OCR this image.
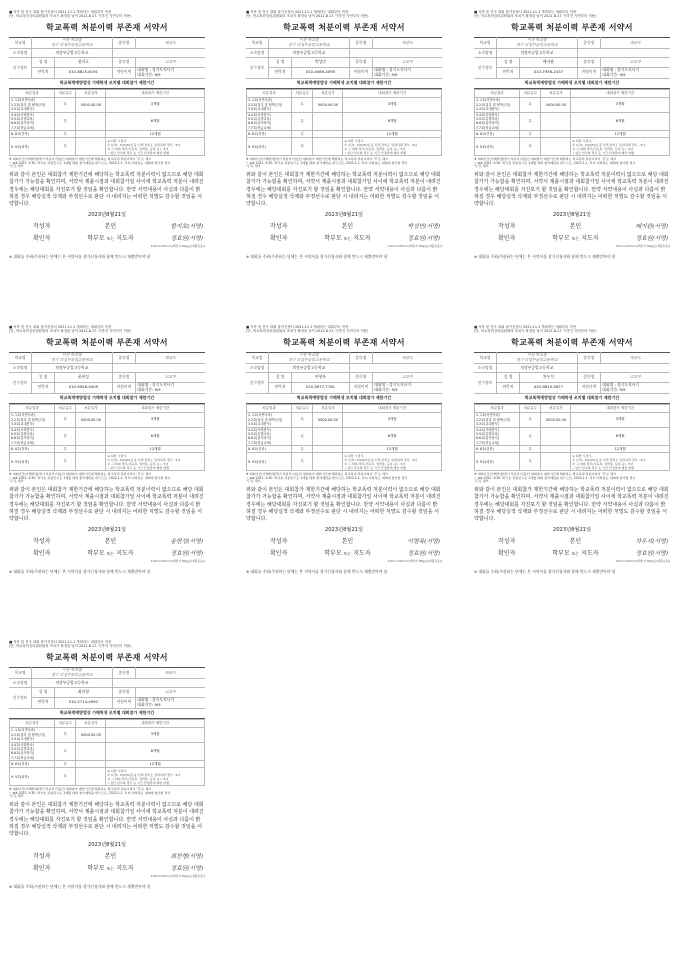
■ 저작 및 전국 대회 참가신청서 2021.11.1 개최하는 대회부터 적용
(단, 학교폭력심의위원회의 조치가 확정된 날이 2021.8.17. 이후인 사안부터 적용)
학교폭력 처분이력 부존재 서약서
학교명	이천 학교를
경기 의정부공업고등학교		종목명	태권도
소속팀명	의정부공업고등학교			
선수정보	성 명	함지호	종목명	고교부
	연락처	010-8815-6191	직원이력	대회명 : 경기도지사기
대회기간: 9/9
학교폭력예방법상 가해학생 조치별 대회참가 제한기간
처분결과	처분유무	처분일자	대회참가 제한기간
1. 1호(서면사과)
2.2호(접촉 및 협박금지)
3.3호(교내봉사)	무	0000.00.00	3개월
4.4호(사회봉사)
5.5호(특별교육)
6.6호(출석정지)
7.7호(학급교체)	무		6개월
8. 8호(전학)	무		12개월
9. 9호(퇴학)	무		※ 퇴학 시점기,
① 1단1, 3(4)(5)입 중 선택 본학도 입력하면 경우 : 5년
② 그 외의 경우(주등록, 입학통, 등록 등) : 5년
• 입단 선수의 경우 등 기간 산정장에 제한 명행
※ 대회기간(가해학생/경기 부분부기)동안 대회참가 제한기간에 해당하는 학교폭력 처분이력이 '무'로 체크
~ out 2021. 9.30. 학기초 처분만으로 1개월 대회 참가제한을 받으므로, 2022.1.1. 부터 지학하는 대회에 참가할 경우
'무'로 체크
위와 같이 본인은 대회참가 제한기간에 해당하는 학교폭력 처분이력이 없으므로 해당 대회 참가가 가능함을 확인하며, 서약서 제출시점과 대회참가일 사이에 학교폭력 처분이 내려진 경우에는 해당대회를 자진포기 할 것임을 확인합니다. 만약 서약내용이 사실과 다름이 밝혀질 경우 해당실적 삭제와 부정선수로 판단 시 내려지는 어떠한 처벌도 감수할 것임을 서약합니다.
2023년8월21일
작성자	본인	함지호(서명)
확인자	학부모 또는 지도자	정효원(서명)
210m×297mm[백상지 80g/㎡(재활용품)]
※ 대회를 주최/주관하는 단체는 본 서약서를 참가신청서와 함께 반드시 제출받아야 함
■ 저작 및 전국 대회 참가신청서 2021.11.1 개최하는 대회부터 적용
(단, 학교폭력심의위원회의 조치가 확정된 날이 2021.8.17. 이후인 사안부터 적용)
학교폭력 처분이력 부존재 서약서
학교명	이천 학교를
경기 의정부공업고등학교		종목명	태권도
소속팀명	의정부공업고등학교			
선수정보	성 명	박성민	종목명	고교부
	연락처	010-4066-4095	직원이력	대회명 : 경기도지사기
대회기간: 9/9
학교폭력예방법상 가해학생 조치별 대회참가 제한기간
처분결과	처분유무	처분일자	대회참가 제한기간
1. 1호(서면사과)
2.2호(접촉 및 협박금지)
3.3호(교내봉사)	무	0000.00.00	3개월
4.4호(사회봉사)
5.5호(특별교육)
6.6호(출석정지)
7.7호(학급교체)	무		6개월
8. 8호(전학)	무		12개월
9. 9호(퇴학)	무		※ 퇴학 시점기,
① 1단1, 3(4)(5)입 중 선택 본학도 입력하면 경우 : 5년
② 그 외의 경우(주등록, 입학통, 등록 등) : 5년
• 입단 선수의 경우 등 기간 산정장에 제한 명행
※ 대회기간(가해학생/경기 부분부기)동안 대회참가 제한기간에 해당하는 학교폭력 처분이력이 '무'로 체크
~ out 2021. 9.30. 학기초 처분만으로 1개월 대회 참가제한을 받으므로, 2022.1.1. 부터 지학하는 대회에 참가할 경우
'무'로 체크
위와 같이 본인은 대회참가 제한기간에 해당하는 학교폭력 처분이력이 없으므로 해당 대회 참가가 가능함을 확인하며, 서약서 제출시점과 대회참가일 사이에 학교폭력 처분이 내려진 경우에는 해당대회를 자진포기 할 것임을 확인합니다. 만약 서약내용이 사실과 다름이 밝혀질 경우 해당실적 삭제와 부정선수로 판단 시 내려지는 어떠한 처벌도 감수할 것임을 서약합니다.
2023년8월21일
작성자	본인	박성민(서명)
확인자	학부모 또는 지도자	정효원(서명)
210m×297mm[백상지 80g/㎡(재활용품)]
※ 대회를 주최/주관하는 단체는 본 서약서를 참가신청서와 함께 반드시 제출받아야 함
■ 저작 및 전국 대회 참가신청서 2021.11.1 개최하는 대회부터 적용
(단, 학교폭력심의위원회의 조치가 확정된 날이 2021.8.17. 이후인 사안부터 적용)
학교폭력 처분이력 부존재 서약서
학교명	이천 학교를
경기 의정부공업고등학교		종목명	태권도
소속팀명	의정부공업고등학교			
선수정보	성 명	배지완	종목명	고교부
	연락처	010-7936-2437	직원이력	대회명 : 경기도지사기
대회기간: 9/9
학교폭력예방법상 가해학생 조치별 대회참가 제한기간
처분결과	처분유무	처분일자	대회참가 제한기간
1. 1호(서면사과)
2.2호(접촉 및 협박금지)
3.3호(교내봉사)	무	0000.00.00	3개월
4.4호(사회봉사)
5.5호(특별교육)
6.6호(출석정지)
7.7호(학급교체)	무		6개월
8. 8호(전학)	무		12개월
9. 9호(퇴학)	무		※ 퇴학 시점기,
① 1단1, 3(4)(5)입 중 선택 본학도 입력하면 경우 : 5년
② 그 외의 경우(주등록, 입학통, 등록 등) : 5년
• 입단 선수의 경우 등 기간 산정장에 제한 명행
※ 대회기간(가해학생/경기 부분부기)동안 대회참가 제한기간에 해당하는 학교폭력 처분이력이 '무'로 체크
~ out 2021. 9.30. 학기초 처분만으로 1개월 대회 참가제한을 받으므로, 2022.1.1. 부터 지학하는 대회에 참가할 경우
'무'로 체크
위와 같이 본인은 대회참가 제한기간에 해당하는 학교폭력 처분이력이 없으므로 해당 대회 참가가 가능함을 확인하며, 서약서 제출시점과 대회참가일 사이에 학교폭력 처분이 내려진 경우에는 해당대회를 자진포기 할 것임을 확인합니다. 만약 서약내용이 사실과 다름이 밝혀질 경우 해당실적 삭제와 부정선수로 판단 시 내려지는 어떠한 처벌도 감수할 것임을 서약합니다.
2023년8월21일
작성자	본인	배지완(서명)
확인자	학부모 또는 지도자	정효원(서명)
210m×297mm[백상지 80g/㎡(재활용품)]
※ 대회를 주최/주관하는 단체는 본 서약서를 참가신청서와 함께 반드시 제출받아야 함
■ 저작 및 전국 대회 참가신청서 2021.11.1 개최하는 대회부터 적용
(단, 학교폭력심의위원회의 조치가 확정된 날이 2021.8.17. 이후인 사안부터 적용)
학교폭력 처분이력 부존재 서약서
학교명	이천 학교를
경기 의정부공업고등학교		종목명	태권도
소속팀명	의정부공업고등학교			
선수정보	성 명	윤현성	종목명	고교부
	연락처	010-9926-4909	직원이력	대회명 : 경기도지사기
대회기간: 9/9
학교폭력예방법상 가해학생 조치별 대회참가 제한기간
처분결과	처분유무	처분일자	대회참가 제한기간
1. 1호(서면사과)
2.2호(접촉 및 협박금지)
3.3호(교내봉사)	무	0000.00.00	3개월
4.4호(사회봉사)
5.5호(특별교육)
6.6호(출석정지)
7.7호(학급교체)	무		6개월
8. 8호(전학)	무		12개월
9. 9호(퇴학)	무		※ 퇴학 시점기,
① 1단1, 3(4)(5)입 중 선택 본학도 입력하면 경우 : 5년
② 그 외의 경우(주등록, 입학통, 등록 등) : 5년
• 입단 선수의 경우 등 기간 산정장에 제한 명행
※ 대회기간(가해학생/경기 부분부기)동안 대회참가 제한기간에 해당하는 학교폭력 처분이력이 '무'로 체크
~ out 2021. 9.30. 학기초 처분만으로 1개월 대회 참가제한을 받으므로, 2022.1.1. 부터 지학하는 대회에 참가할 경우
'무'로 체크
위와 같이 본인은 대회참가 제한기간에 해당하는 학교폭력 처분이력이 없으므로 해당 대회 참가가 가능함을 확인하며, 서약서 제출시점과 대회참가일 사이에 학교폭력 처분이 내려진 경우에는 해당대회를 자진포기 할 것임을 확인합니다. 만약 서약내용이 사실과 다름이 밝혀질 경우 해당실적 삭제와 부정선수로 판단 시 내려지는 어떠한 처벌도 감수할 것임을 서약합니다.
2023년8월21일
작성자	본인	윤현성(서명)
확인자	학부모 또는 지도자	정효원(서명)
210m×297mm[백상지 80g/㎡(재활용품)]
※ 대회를 주최/주관하는 단체는 본 서약서를 참가신청서와 함께 반드시 제출받아야 함
■ 저작 및 전국 대회 참가신청서 2021.11.1 개최하는 대회부터 적용
(단, 학교폭력심의위원회의 조치가 확정된 날이 2021.8.17. 이후인 사안부터 적용)
학교폭력 처분이력 부존재 서약서
학교명	이천 학교를
경기 의정부공업고등학교		종목명	태권도
소속팀명	의정부공업고등학교			
선수정보	성 명	이형록	종목명	고교부
	연락처	010-5677-7761	직원이력	대회명 : 경기도지사기
대회기간: 9/9
학교폭력예방법상 가해학생 조치별 대회참가 제한기간
처분결과	처분유무	처분일자	대회참가 제한기간
1. 1호(서면사과)
2.2호(접촉 및 협박금지)
3.3호(교내봉사)	무	0000.00.00	3개월
4.4호(사회봉사)
5.5호(특별교육)
6.6호(출석정지)
7.7호(학급교체)	무		6개월
8. 8호(전학)	무		12개월
9. 9호(퇴학)	무		※ 퇴학 시점기,
① 1단1, 3(4)(5)입 중 선택 본학도 입력하면 경우 : 5년
② 그 외의 경우(주등록, 입학통, 등록 등) : 5년
• 입단 선수의 경우 등 기간 산정장에 제한 명행
※ 대회기간(가해학생/경기 부분부기)동안 대회참가 제한기간에 해당하는 학교폭력 처분이력이 '무'로 체크
~ out 2021. 9.30. 학기초 처분만으로 1개월 대회 참가제한을 받으므로, 2022.1.1. 부터 지학하는 대회에 참가할 경우
'무'로 체크
위와 같이 본인은 대회참가 제한기간에 해당하는 학교폭력 처분이력이 없으므로 해당 대회 참가가 가능함을 확인하며, 서약서 제출시점과 대회참가일 사이에 학교폭력 처분이 내려진 경우에는 해당대회를 자진포기 할 것임을 확인합니다. 만약 서약내용이 사실과 다름이 밝혀질 경우 해당실적 삭제와 부정선수로 판단 시 내려지는 어떠한 처벌도 감수할 것임을 서약합니다.
2023년8월21일
작성자	본인	이형록(서명)
확인자	학부모 또는 지도자	정효원(서명)
210m×297mm[백상지 80g/㎡(재활용품)]
※ 대회를 주최/주관하는 단체는 본 서약서를 참가신청서와 함께 반드시 제출받아야 함
■ 저작 및 전국 대회 참가신청서 2021.11.1 개최하는 대회부터 적용
(단, 학교폭력심의위원회의 조치가 확정된 날이 2021.8.17. 이후인 사안부터 적용)
학교폭력 처분이력 부존재 서약서
학교명	이천 학교를
경기 의정부공업고등학교		종목명	태권도
소속팀명	의정부공업고등학교			
선수정보	성 명	차우석	종목명	고교부
	연락처	010-9615-5677	직원이력	대회명 : 경기도지사기
대회기간: 9/9
학교폭력예방법상 가해학생 조치별 대회참가 제한기간
처분결과	처분유무	처분일자	대회참가 제한기간
1. 1호(서면사과)
2.2호(접촉 및 협박금지)
3.3호(교내봉사)	무	0000.00.00	3개월
4.4호(사회봉사)
5.5호(특별교육)
6.6호(출석정지)
7.7호(학급교체)	무		6개월
8. 8호(전학)	무		12개월
9. 9호(퇴학)	무		※ 퇴학 시점기,
① 1단1, 3(4)(5)입 중 선택 본학도 입력하면 경우 : 5년
② 그 외의 경우(주등록, 입학통, 등록 등) : 5년
• 입단 선수의 경우 등 기간 산정장에 제한 명행
※ 대회기간(가해학생/경기 부분부기)동안 대회참가 제한기간에 해당하는 학교폭력 처분이력이 '무'로 체크
~ out 2021. 9.30. 학기초 처분만으로 1개월 대회 참가제한을 받으므로, 2022.1.1. 부터 지학하는 대회에 참가할 경우
'무'로 체크
위와 같이 본인은 대회참가 제한기간에 해당하는 학교폭력 처분이력이 없으므로 해당 대회 참가가 가능함을 확인하며, 서약서 제출시점과 대회참가일 사이에 학교폭력 처분이 내려진 경우에는 해당대회를 자진포기 할 것임을 확인합니다. 만약 서약내용이 사실과 다름이 밝혀질 경우 해당실적 삭제와 부정선수로 판단 시 내려지는 어떠한 처벌도 감수할 것임을 서약합니다.
2023년8월21일
작성자	본인	차우석(서명)
확인자	학부모 또는 지도자	정효원(서명)
210m×297mm[백상지 80g/㎡(재활용품)]
※ 대회를 주최/주관하는 단체는 본 서약서를 참가신청서와 함께 반드시 제출받아야 함
■ 저작 및 전국 대회 참가신청서 2021.11.1 개최하는 대회부터 적용
(단, 학교폭력심의위원회의 조치가 확정된 날이 2021.8.17. 이후인 사안부터 적용)
학교폭력 처분이력 부존재 서약서
학교명	이천 학교를
경기 의정부공업고등학교		종목명	태권도
소속팀명	의정부공업고등학교			
선수정보	성 명	최찬형	종목명	고교부
	연락처	010-2714-4992	직원이력	대회명 : 경기도지사기
대회기간: 9/9
학교폭력예방법상 가해학생 조치별 대회참가 제한기간
처분결과	처분유무	처분일자	대회참가 제한기간
1. 1호(서면사과)
2.2호(접촉 및 협박금지)
3.3호(교내봉사)	무	0000.00.00	3개월
4.4호(사회봉사)
5.5호(특별교육)
6.6호(출석정지)
7.7호(학급교체)	무		6개월
8. 8호(전학)	무		12개월
9. 9호(퇴학)	무		※ 퇴학 시점기,
① 1단1, 3(4)(5)입 중 선택 본학도 입력하면 경우 : 5년
② 그 외의 경우(주등록, 입학통, 등록 등) : 5년
• 입단 선수의 경우 등 기간 산정장에 제한 명행
※ 대회기간(가해학생/경기 부분부기)동안 대회참가 제한기간에 해당하는 학교폭력 처분이력이 '무'로 체크
~ out 2021. 9.30. 학기초 처분만으로 1개월 대회 참가제한을 받으므로, 2022.1.1. 부터 지학하는 대회에 참가할 경우
'무'로 체크
위와 같이 본인은 대회참가 제한기간에 해당하는 학교폭력 처분이력이 없으므로 해당 대회 참가가 가능함을 확인하며, 서약서 제출시점과 대회참가일 사이에 학교폭력 처분이 내려진 경우에는 해당대회를 자진포기 할 것임을 확인합니다. 만약 서약내용이 사실과 다름이 밝혀질 경우 해당실적 삭제와 부정선수로 판단 시 내려지는 어떠한 처벌도 감수할 것임을 서약합니다.
2023년8월21일
작성자	본인	최찬형(서명)
확인자	학부모 또는 지도자	정효원(서명)
210m×297mm[백상지 80g/㎡(재활용품)]
※ 대회를 주최/주관하는 단체는 본 서약서를 참가신청서와 함께 반드시 제출받아야 함
